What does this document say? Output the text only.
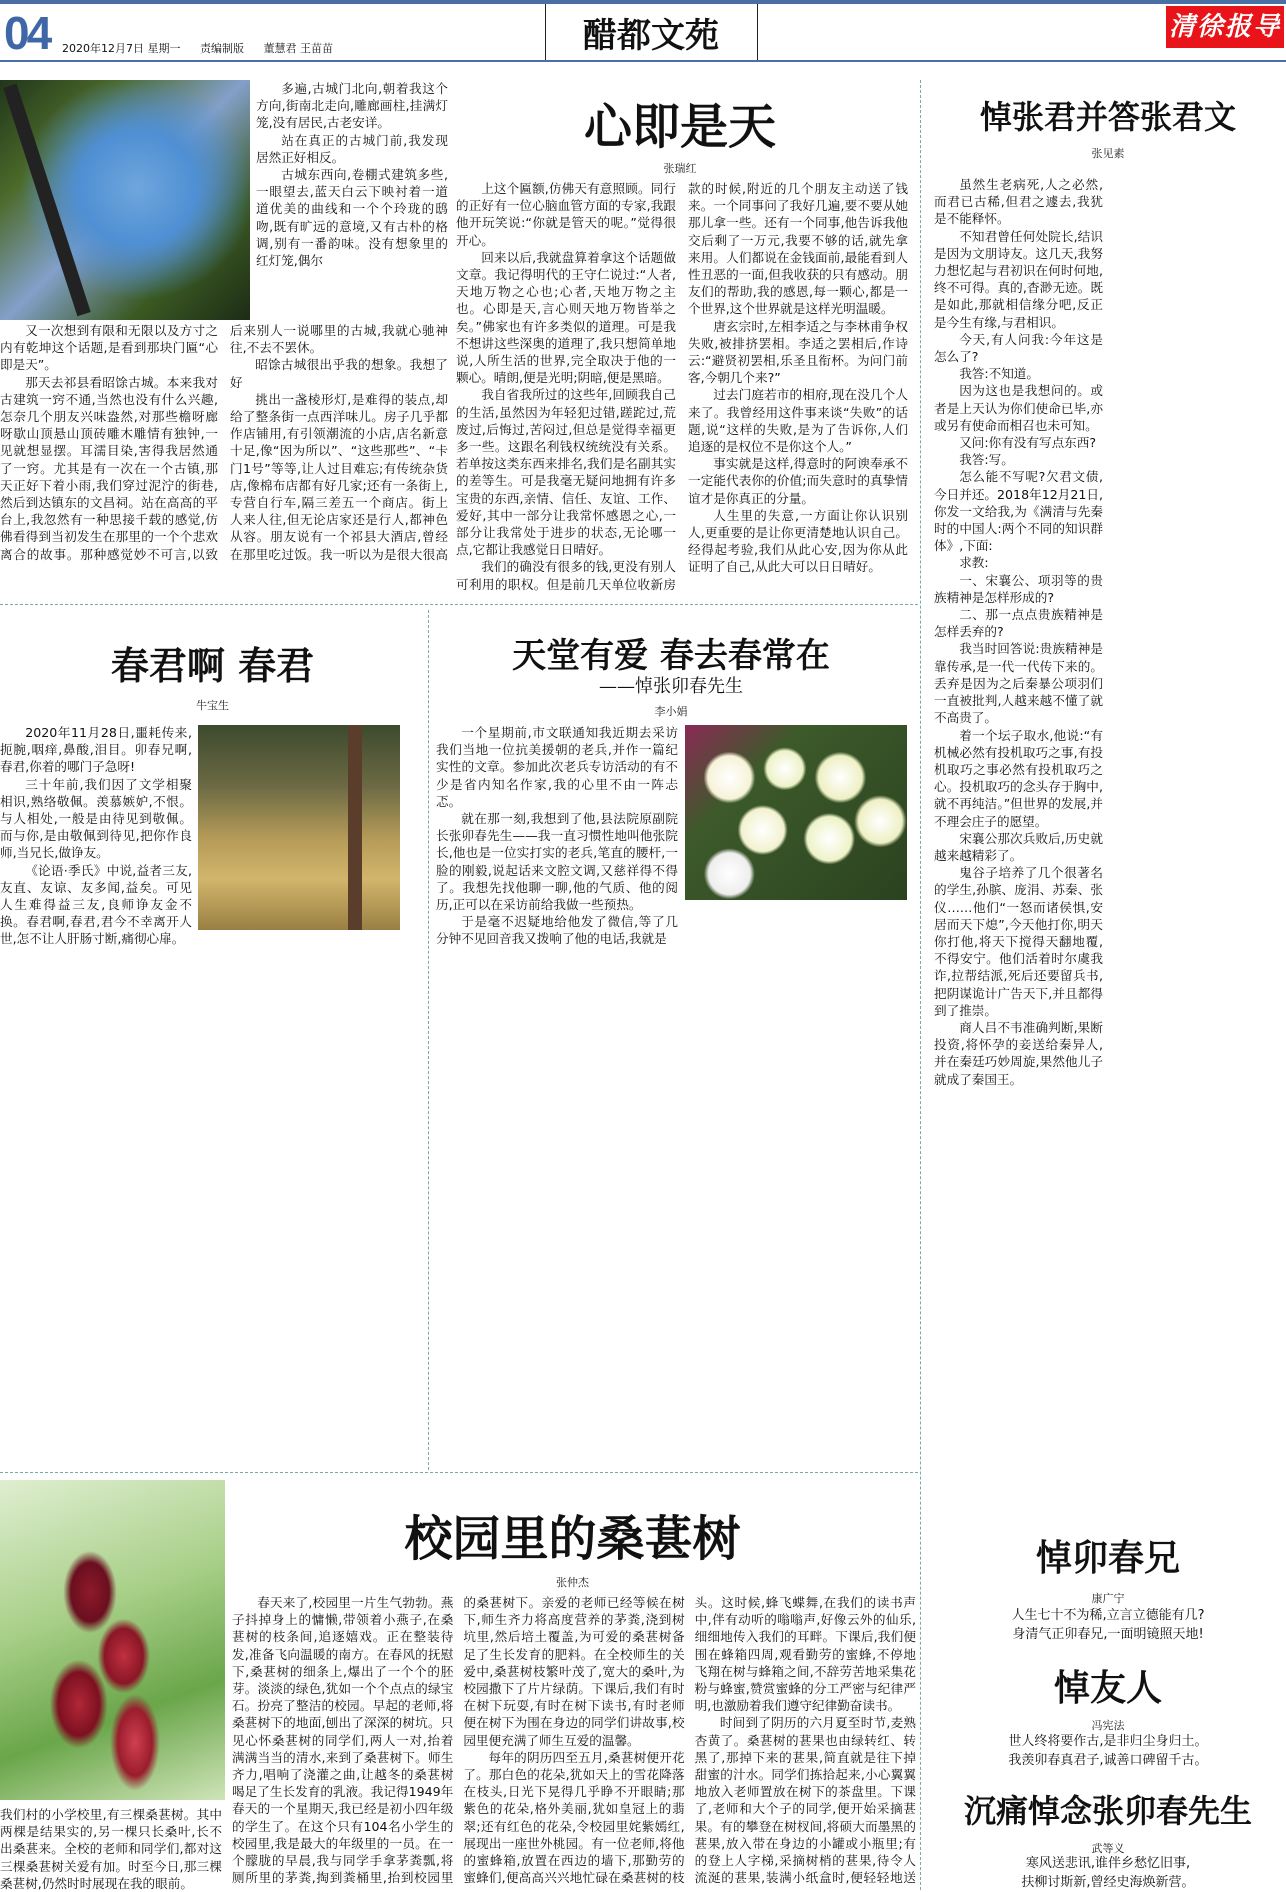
04 2020年12月7日 星期一 责编制版 董慧君 王苗苗	醋都文苑	清徐报导

多遍,古城门北向,朝着我这个方向,街南北走向,雕廊画柱,挂满灯笼,没有居民,古老安详。

站在真正的古城门前,我发现居然正好相反。

古城东西向,卷棚式建筑多些,一眼望去,蓝天白云下映衬着一道道优美的曲线和一个个玲珑的鸱吻,既有旷远的意境,又有古朴的格调,别有一番韵味。没有想象里的红灯笼,偶尔

心即是天
张瑞红

又一次想到有限和无限以及方寸之内有乾坤这个话题,是看到那块门匾“心即是天”。

那天去祁县看昭馀古城。本来我对古建筑一窍不通,当然也没有什么兴趣,怎奈几个朋友兴味盎然,对那些檐呀廊呀歇山顶悬山顶砖雕木雕情有独钟,一见就想显摆。耳濡目染,害得我居然通了一窍。尤其是有一次在一个古镇,那天正好下着小雨,我们穿过泥泞的街巷,然后到达镇东的文昌祠。站在高高的平台上,我忽然有一种思接千载的感觉,仿佛看得到当初发生在那里的一个个悲欢离合的故事。那种感觉妙不可言,以致后来别人一说哪里的古城,我就心驰神往,不去不罢休。

昭馀古城很出乎我的想象。我想了好

挑出一盏棱形灯,是难得的装点,却给了整条街一点西洋味儿。房子几乎都作店铺用,有引领潮流的小店,店名新意十足,像“因为所以”、“这些那些”、“卡门1号”等等,让人过目难忘;有传统杂货店,像棉布店都有好几家;还有一条街上,专营自行车,隔三差五一个商店。街上人来人往,但无论店家还是行人,都神色从容。朋友说有一个祁县大酒店,曾经在那里吃过饭。我一听以为是很大很高

上这个匾额,仿佛天有意照顾。同行的正好有一位心脑血管方面的专家,我跟他开玩笑说:“你就是管天的呢。”觉得很开心。

回来以后,我就盘算着拿这个话题做文章。我记得明代的王守仁说过:“人者,天地万物之心也;心者,天地万物之主也。心即是天,言心则天地万物皆举之矣。”佛家也有许多类似的道理。可是我不想讲这些深奥的道理了,我只想简单地说,人所生活的世界,完全取决于他的一颗心。晴朗,便是光明;阴暗,便是黑暗。

我自省我所过的这些年,回顾我自己的生活,虽然因为年轻犯过错,蹉跎过,荒废过,后悔过,苦闷过,但总是觉得幸福更多一些。这跟名利钱权统统没有关系。若单按这类东西来排名,我们是名副其实的差等生。可是我毫无疑问地拥有许多宝贵的东西,亲情、信任、友谊、工作、爱好,其中一部分让我常怀感恩之心,一部分让我常处于进步的状态,无论哪一点,它都让我感觉日日晴好。

我们的确没有很多的钱,更没有别人可利用的职权。但是前几天单位收新房款的时候,附近的几个朋友主动送了钱来。一个同事问了我好几遍,要不要从她那儿拿一些。还有一个同事,他告诉我他交后剩了一万元,我要不够的话,就先拿来用。人们都说在金钱面前,最能看到人性丑恶的一面,但我收获的只有感动。朋友们的帮助,我的感恩,每一颗心,都是一个世界,这个世界就是这样光明温暖。

唐玄宗时,左相李适之与李林甫争权失败,被排挤罢相。李适之罢相后,作诗云:“避贤初罢相,乐圣且衔杯。为问门前客,今朝几个来?”

过去门庭若市的相府,现在没几个人来了。我曾经用这件事来谈“失败”的话题,说“这样的失败,是为了告诉你,人们追逐的是权位不是你这个人。”

事实就是这样,得意时的阿谀奉承不一定能代表你的价值;而失意时的真挚情谊才是你真正的分量。

人生里的失意,一方面让你认识别人,更重要的是让你更清楚地认识自己。经得起考验,我们从此心安,因为你从此证明了自己,从此大可以日日晴好。

悼张君并答张君文
张见素

虽然生老病死,人之必然,而君已古稀,但君之遽去,我犹是不能释怀。

不知君曾任何处院长,结识是因为文朋诗友。这几天,我努力想忆起与君初识在何时何地,终不可得。真的,杳渺无迹。既是如此,那就相信缘分吧,反正是今生有缘,与君相识。

今天,有人问我:今年这是怎么了?

我答:不知道。

因为这也是我想问的。或者是上天认为你们使命已毕,亦或另有使命而相召也未可知。

又问:你有没有写点东西?

我答:写。

怎么能不写呢?欠君文债,今日并还。2018年12月21日,你发一文给我,为《满清与先秦时的中国人:两个不同的知识群体》,下面:

求教:

一、宋襄公、项羽等的贵族精神是怎样形成的?

二、那一点点贵族精神是怎样丢弃的?

我当时回答说:贵族精神是靠传承,是一代一代传下来的。丢弃是因为之后秦暴公项羽们一直被批判,人越来越不懂了就不高贵了。

着一个坛子取水,他说:“有机械必然有投机取巧之事,有投机取巧之事必然有投机取巧之心。投机取巧的念头存于胸中,就不再纯洁。”但世界的发展,并不理会庄子的愿望。

宋襄公那次兵败后,历史就越来越精彩了。

鬼谷子培养了几个很著名的学生,孙膑、庞涓、苏秦、张仪……他们“一怒而诸侯惧,安居而天下熄”,今天他打你,明天你打他,将天下搅得天翻地覆,不得安宁。他们活着时尔虞我诈,拉帮结派,死后还要留兵书,把阴谋诡计广告天下,并且都得到了推崇。

商人吕不韦准确判断,果断投资,将怀孕的妾送给秦异人,并在秦廷巧妙周旋,果然他儿子就成了秦国王。

春君啊 春君
牛宝生

2020年11月28日,噩耗传来,扼腕,咽痒,鼻酸,泪目。卯春兄啊,春君,你着的哪门子急呀!

三十年前,我们因了文学相聚相识,熟络敬佩。羡慕嫉妒,不恨。与人相处,一般是由待见到敬佩。而与你,是由敬佩到待见,把你作良师,当兄长,做诤友。

《论语·季氏》中说,益者三友,友直、友谅、友多闻,益矣。可见人生难得益三友,良师诤友金不换。春君啊,春君,君今不幸离开人世,怎不让人肝肠寸断,痛彻心扉。

天堂有爱 春去春常在
——悼张卯春先生
李小娟

一个星期前,市文联通知我近期去采访我们当地一位抗美援朝的老兵,并作一篇纪实性的文章。参加此次老兵专访活动的有不少是省内知名作家,我的心里不由一阵忐忑。

就在那一刻,我想到了他,县法院原副院长张卯春先生——我一直习惯性地叫他张院长,他也是一位实打实的老兵,笔直的腰杆,一脸的刚毅,说起话来文腔文调,又慈祥得不得了。我想先找他聊一聊,他的气质、他的阅历,正可以在采访前给我做一些预热。

于是毫不迟疑地给他发了微信,等了几分钟不见回音我又拨响了他的电话,我就是

我们村的小学校里,有三棵桑葚树。其中两棵是结果实的,另一棵只长桑叶,长不出桑葚来。全校的老师和同学们,都对这三棵桑葚树关爱有加。时至今日,那三棵桑葚树,仍然时时展现在我的眼前。

校园里的桑葚树
张仲杰

春天来了,校园里一片生气勃勃。燕子抖掉身上的慵懒,带领着小燕子,在桑葚树的枝条间,追逐嬉戏。正在整装待发,准备飞向温暖的南方。在春风的抚慰下,桑葚树的细条上,爆出了一个个的胚芽。淡淡的绿色,犹如一个个点点的绿宝石。扮亮了整洁的校园。早起的老师,将桑葚树下的地面,刨出了深深的树坑。只见心怀桑葚树的同学们,两人一对,抬着满满当当的清水,来到了桑葚树下。师生齐力,唱响了浇灌之曲,让越冬的桑葚树喝足了生长发育的乳液。我记得1949年春天的一个星期天,我已经是初小四年级的学生了。在这个只有104名小学生的校园里,我是最大的年级里的一员。在一个朦胧的早晨,我与同学手拿茅粪瓢,将厕所里的茅粪,掏到粪桶里,抬到校园里的桑葚树下。亲爱的老师已经等候在树下,师生齐力将高度营养的茅粪,浇到树坑里,然后培土覆盖,为可爱的桑葚树备足了生长发育的肥料。在全校师生的关爱中,桑葚树枝繁叶茂了,宽大的桑叶,为校园撒下了片片绿荫。下课后,我们有时在树下玩耍,有时在树下读书,有时老师便在树下为围在身边的同学们讲故事,校园里便充满了师生互爱的温馨。

每年的阴历四至五月,桑葚树便开花了。那白色的花朵,犹如天上的雪花降落在枝头,日光下晃得几乎睁不开眼睛;那紫色的花朵,格外美丽,犹如皇冠上的翡翠;还有红色的花朵,令校园里姹紫嫣红,展现出一座世外桃园。有一位老师,将他的蜜蜂箱,放置在西边的墙下,那勤劳的蜜蜂们,便高高兴兴地忙碌在桑葚树的枝头。这时候,蜂飞蝶舞,在我们的读书声中,伴有动听的嗡嗡声,好像云外的仙乐,细细地传入我们的耳畔。下课后,我们便围在蜂箱四周,观看勤劳的蜜蜂,不停地飞翔在树与蜂箱之间,不辞劳苦地采集花粉与蜂蜜,赞赏蜜蜂的分工严密与纪律严明,也激励着我们遵守纪律勤奋读书。

时间到了阴历的六月夏至时节,麦熟杏黄了。桑葚树的葚果也由绿转红、转黑了,那掉下来的葚果,简直就是往下掉甜蜜的汁水。同学们拣拾起来,小心翼翼地放入老师置放在树下的茶盘里。下课了,老师和大个子的同学,便开始采摘葚果。有的攀登在树杈间,将硕大而墨黑的葚果,放入带在身边的小罐或小瓶里;有的登上人字梯,采摘树梢的葚果,待令人流涎的葚果,装满小纸盒时,便轻轻地送

悼卯春兄
康广宁
人生七十不为稀,立言立德能有几?
身清气正卯春兄,一面明镜照天地!
悼友人
冯宪法
世人终将要作古,是非归尘身归土。
我羡卯春真君子,诚善口碑留千古。
沉痛悼念张卯春先生
武等义
寒风送悲讯,谁伴乡愁忆旧事,
扶柳讨斯新,曾经史海焕新营。
